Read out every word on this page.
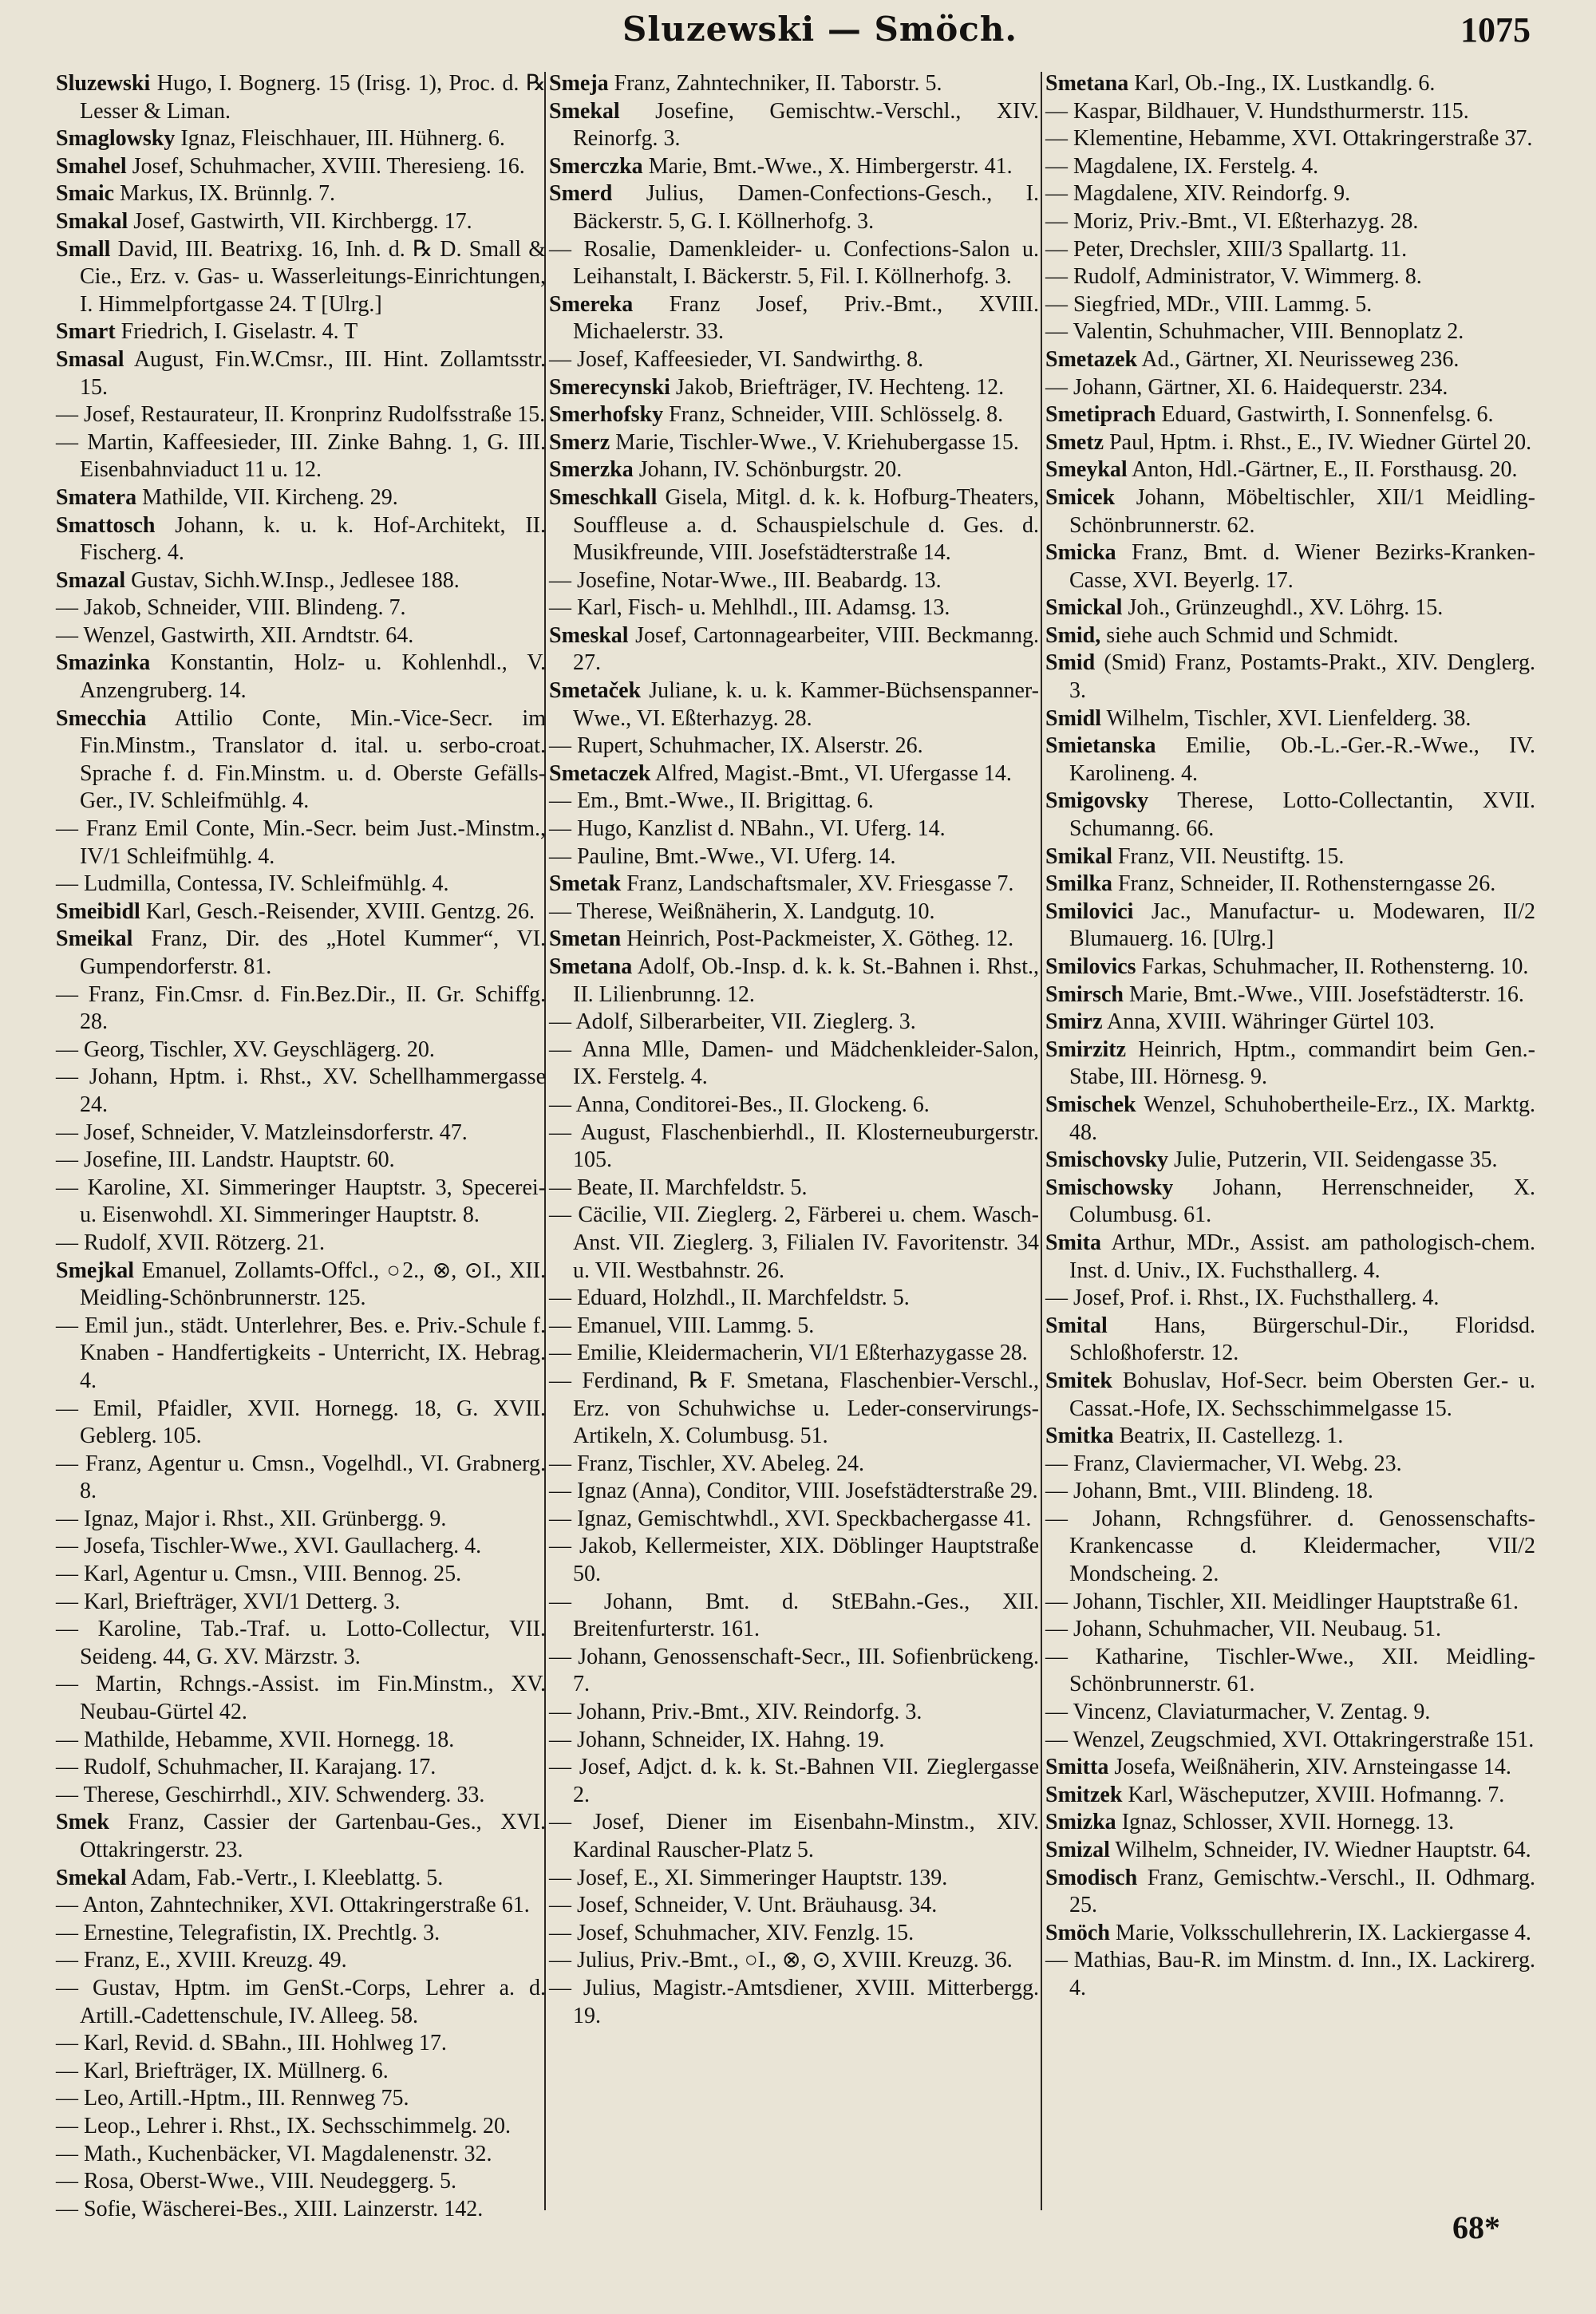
Sluzewski — Smöch.	1075
Sluzewski Hugo, I. Bognerg. 15 (Irisg. 1), Proc. d. ℞ Lesser & Liman.
Smaglowsky Ignaz, Fleischhauer, III. Hühnerg. 6.
Smahel Josef, Schuhmacher, XVIII. Theresieng. 16.
Smaic Markus, IX. Brünnlg. 7.
Smakal Josef, Gastwirth, VII. Kirchbergg. 17.
Small David, III. Beatrixg. 16, Inh. d. ℞ D. Small & Cie., Erz. v. Gas- u. Wasserleitungs-Einrichtungen, I. Himmelpfortgasse 24. T [Ulrg.]
Smart Friedrich, I. Giselastr. 4. T
Smasal August, Fin.W.Cmsr., III. Hint. Zollamtsstr. 15.
— Josef, Restaurateur, II. Kronprinz Rudolfsstraße 15.
— Martin, Kaffeesieder, III. Zinke Bahng. 1, G. III. Eisenbahnviaduct 11 u. 12.
Smatera Mathilde, VII. Kircheng. 29.
Smattosch Johann, k. u. k. Hof-Architekt, II. Fischerg. 4.
Smazal Gustav, Sichh.W.Insp., Jedlesee 188.
— Jakob, Schneider, VIII. Blindeng. 7.
— Wenzel, Gastwirth, XII. Arndtstr. 64.
Smazinka Konstantin, Holz- u. Kohlenhdl., V. Anzengruberg. 14.
Smecchia Attilio Conte, Min.-Vice-Secr. im Fin.Minstm., Translator d. ital. u. serbo-croat. Sprache f. d. Fin.Minstm. u. d. Oberste Gefälls-Ger., IV. Schleifmühlg. 4.
— Franz Emil Conte, Min.-Secr. beim Just.-Minstm., IV/1 Schleifmühlg. 4.
— Ludmilla, Contessa, IV. Schleifmühlg. 4.
Smeibidl Karl, Gesch.-Reisender, XVIII. Gentzg. 26.
Smeikal Franz, Dir. des „Hotel Kummer“, VI. Gumpendorferstr. 81.
— Franz, Fin.Cmsr. d. Fin.Bez.Dir., II. Gr. Schiffg. 28.
— Georg, Tischler, XV. Geyschlägerg. 20.
— Johann, Hptm. i. Rhst., XV. Schellhammergasse 24.
— Josef, Schneider, V. Matzleinsdorferstr. 47.
— Josefine, III. Landstr. Hauptstr. 60.
— Karoline, XI. Simmeringer Hauptstr. 3, Specerei- u. Eisenwohdl. XI. Simmeringer Hauptstr. 8.
— Rudolf, XVII. Rötzerg. 21.
Smejkal Emanuel, Zollamts-Offcl., ○2., ⊗, ⊙I., XII. Meidling-Schönbrunnerstr. 125.
— Emil jun., städt. Unterlehrer, Bes. e. Priv.-Schule f. Knaben - Handfertigkeits - Unterricht, IX. Hebrag. 4.
— Emil, Pfaidler, XVII. Hornegg. 18, G. XVII. Geblerg. 105.
— Franz, Agentur u. Cmsn., Vogelhdl., VI. Grabnerg. 8.
— Ignaz, Major i. Rhst., XII. Grünbergg. 9.
— Josefa, Tischler-Wwe., XVI. Gaullacherg. 4.
— Karl, Agentur u. Cmsn., VIII. Bennog. 25.
— Karl, Briefträger, XVI/1 Detterg. 3.
— Karoline, Tab.-Traf. u. Lotto-Collectur, VII. Seideng. 44, G. XV. Märzstr. 3.
— Martin, Rchngs.-Assist. im Fin.Minstm., XV. Neubau-Gürtel 42.
— Mathilde, Hebamme, XVII. Hornegg. 18.
— Rudolf, Schuhmacher, II. Karajang. 17.
— Therese, Geschirrhdl., XIV. Schwenderg. 33.
Smek Franz, Cassier der Gartenbau-Ges., XVI. Ottakringerstr. 23.
Smekal Adam, Fab.-Vertr., I. Kleeblattg. 5.
— Anton, Zahntechniker, XVI. Ottakringerstraße 61.
— Ernestine, Telegrafistin, IX. Prechtlg. 3.
— Franz, E., XVIII. Kreuzg. 49.
— Gustav, Hptm. im GenSt.-Corps, Lehrer a. d. Artill.-Cadettenschule, IV. Alleeg. 58.
— Karl, Revid. d. SBahn., III. Hohlweg 17.
— Karl, Briefträger, IX. Müllnerg. 6.
— Leo, Artill.-Hptm., III. Rennweg 75.
— Leop., Lehrer i. Rhst., IX. Sechsschimmelg. 20.
— Math., Kuchenbäcker, VI. Magdalenenstr. 32.
— Rosa, Oberst-Wwe., VIII. Neudeggerg. 5.
— Sofie, Wäscherei-Bes., XIII. Lainzerstr. 142.
Smeja Franz, Zahntechniker, II. Taborstr. 5.
Smekal Josefine, Gemischtw.-Verschl., XIV. Reinorfg. 3.
Smerczka Marie, Bmt.-Wwe., X. Himbergerstr. 41.
Smerd Julius, Damen-Confections-Gesch., I. Bäckerstr. 5, G. I. Köllnerhofg. 3.
— Rosalie, Damenkleider- u. Confections-Salon u. Leihanstalt, I. Bäckerstr. 5, Fil. I. Köllnerhofg. 3.
Smereka Franz Josef, Priv.-Bmt., XVIII. Michaelerstr. 33.
— Josef, Kaffeesieder, VI. Sandwirthg. 8.
Smerecynski Jakob, Briefträger, IV. Hechteng. 12.
Smerhofsky Franz, Schneider, VIII. Schlösselg. 8.
Smerz Marie, Tischler-Wwe., V. Kriehubergasse 15.
Smerzka Johann, IV. Schönburgstr. 20.
Smeschkall Gisela, Mitgl. d. k. k. Hofburg-Theaters, Souffleuse a. d. Schauspielschule d. Ges. d. Musikfreunde, VIII. Josefstädterstraße 14.
— Josefine, Notar-Wwe., III. Beabardg. 13.
— Karl, Fisch- u. Mehlhdl., III. Adamsg. 13.
Smeskal Josef, Cartonnagearbeiter, VIII. Beckmanng. 27.
Smetaček Juliane, k. u. k. Kammer-Büchsenspanner-Wwe., VI. Eßterhazyg. 28.
— Rupert, Schuhmacher, IX. Alserstr. 26.
Smetaczek Alfred, Magist.-Bmt., VI. Ufergasse 14.
— Em., Bmt.-Wwe., II. Brigittag. 6.
— Hugo, Kanzlist d. NBahn., VI. Uferg. 14.
— Pauline, Bmt.-Wwe., VI. Uferg. 14.
Smetak Franz, Landschaftsmaler, XV. Friesgasse 7.
— Therese, Weißnäherin, X. Landgutg. 10.
Smetan Heinrich, Post-Packmeister, X. Götheg. 12.
Smetana Adolf, Ob.-Insp. d. k. k. St.-Bahnen i. Rhst., II. Lilienbrunng. 12.
— Adolf, Silberarbeiter, VII. Zieglerg. 3.
— Anna Mlle, Damen- und Mädchenkleider-Salon, IX. Ferstelg. 4.
— Anna, Conditorei-Bes., II. Glockeng. 6.
— August, Flaschenbierhdl., II. Klosterneuburgerstr. 105.
— Beate, II. Marchfeldstr. 5.
— Cäcilie, VII. Zieglerg. 2, Färberei u. chem. Wasch-Anst. VII. Zieglerg. 3, Filialen IV. Favoritenstr. 34 u. VII. Westbahnstr. 26.
— Eduard, Holzhdl., II. Marchfeldstr. 5.
— Emanuel, VIII. Lammg. 5.
— Emilie, Kleidermacherin, VI/1 Eßterhazygasse 28.
— Ferdinand, ℞ F. Smetana, Flaschenbier-Verschl., Erz. von Schuhwichse u. Leder-conservirungs-Artikeln, X. Columbusg. 51.
— Franz, Tischler, XV. Abeleg. 24.
— Ignaz (Anna), Conditor, VIII. Josefstädterstraße 29.
— Ignaz, Gemischtwhdl., XVI. Speckbachergasse 41.
— Jakob, Kellermeister, XIX. Döblinger Hauptstraße 50.
— Johann, Bmt. d. StEBahn.-Ges., XII. Breitenfurterstr. 161.
— Johann, Genossenschaft-Secr., III. Sofienbrückeng. 7.
— Johann, Priv.-Bmt., XIV. Reindorfg. 3.
— Johann, Schneider, IX. Hahng. 19.
— Josef, Adjct. d. k. k. St.-Bahnen VII. Zieglergasse 2.
— Josef, Diener im Eisenbahn-Minstm., XIV. Kardinal Rauscher-Platz 5.
— Josef, E., XI. Simmeringer Hauptstr. 139.
— Josef, Schneider, V. Unt. Bräuhausg. 34.
— Josef, Schuhmacher, XIV. Fenzlg. 15.
— Julius, Priv.-Bmt., ○I., ⊗, ⊙, XVIII. Kreuzg. 36.
— Julius, Magistr.-Amtsdiener, XVIII. Mitterbergg. 19.
Smetana Karl, Ob.-Ing., IX. Lustkandlg. 6.
— Kaspar, Bildhauer, V. Hundsthurmerstr. 115.
— Klementine, Hebamme, XVI. Ottakringerstraße 37.
— Magdalene, IX. Ferstelg. 4.
— Magdalene, XIV. Reindorfg. 9.
— Moriz, Priv.-Bmt., VI. Eßterhazyg. 28.
— Peter, Drechsler, XIII/3 Spallartg. 11.
— Rudolf, Administrator, V. Wimmerg. 8.
— Siegfried, MDr., VIII. Lammg. 5.
— Valentin, Schuhmacher, VIII. Bennoplatz 2.
Smetazek Ad., Gärtner, XI. Neurisseweg 236.
— Johann, Gärtner, XI. 6. Haidequerstr. 234.
Smetiprach Eduard, Gastwirth, I. Sonnenfelsg. 6.
Smetz Paul, Hptm. i. Rhst., E., IV. Wiedner Gürtel 20.
Smeykal Anton, Hdl.-Gärtner, E., II. Forsthausg. 20.
Smicek Johann, Möbeltischler, XII/1 Meidling-Schönbrunnerstr. 62.
Smicka Franz, Bmt. d. Wiener Bezirks-Kranken-Casse, XVI. Beyerlg. 17.
Smickal Joh., Grünzeughdl., XV. Löhrg. 15.
Smid, siehe auch Schmid und Schmidt.
Smid (Smid) Franz, Postamts-Prakt., XIV. Denglerg. 3.
Smidl Wilhelm, Tischler, XVI. Lienfelderg. 38.
Smietanska Emilie, Ob.-L.-Ger.-R.-Wwe., IV. Karolineng. 4.
Smigovsky Therese, Lotto-Collectantin, XVII. Schumanng. 66.
Smikal Franz, VII. Neustiftg. 15.
Smilka Franz, Schneider, II. Rothensterngasse 26.
Smilovici Jac., Manufactur- u. Modewaren, II/2 Blumauerg. 16. [Ulrg.]
Smilovics Farkas, Schuhmacher, II. Rothensterng. 10.
Smirsch Marie, Bmt.-Wwe., VIII. Josefstädterstr. 16.
Smirz Anna, XVIII. Währinger Gürtel 103.
Smirzitz Heinrich, Hptm., commandirt beim Gen.-Stabe, III. Hörnesg. 9.
Smischek Wenzel, Schuhobertheile-Erz., IX. Marktg. 48.
Smischovsky Julie, Putzerin, VII. Seidengasse 35.
Smischowsky Johann, Herrenschneider, X. Columbusg. 61.
Smita Arthur, MDr., Assist. am pathologisch-chem. Inst. d. Univ., IX. Fuchsthallerg. 4.
— Josef, Prof. i. Rhst., IX. Fuchsthallerg. 4.
Smital Hans, Bürgerschul-Dir., Floridsd. Schloßhoferstr. 12.
Smitek Bohuslav, Hof-Secr. beim Obersten Ger.- u. Cassat.-Hofe, IX. Sechsschimmelgasse 15.
Smitka Beatrix, II. Castellezg. 1.
— Franz, Claviermacher, VI. Webg. 23.
— Johann, Bmt., VIII. Blindeng. 18.
— Johann, Rchngsführer. d. Genossenschafts-Krankencasse d. Kleidermacher, VII/2 Mondscheing. 2.
— Johann, Tischler, XII. Meidlinger Hauptstraße 61.
— Johann, Schuhmacher, VII. Neubaug. 51.
— Katharine, Tischler-Wwe., XII. Meidling-Schönbrunnerstr. 61.
— Vincenz, Claviaturmacher, V. Zentag. 9.
— Wenzel, Zeugschmied, XVI. Ottakringerstraße 151.
Smitta Josefa, Weißnäherin, XIV. Arnsteingasse 14.
Smitzek Karl, Wäscheputzer, XVIII. Hofmanng. 7.
Smizka Ignaz, Schlosser, XVII. Hornegg. 13.
Smizal Wilhelm, Schneider, IV. Wiedner Hauptstr. 64.
Smodisch Franz, Gemischtw.-Verschl., II. Odhmarg. 25.
Smöch Marie, Volksschullehrerin, IX. Lackiergasse 4.
— Mathias, Bau-R. im Minstm. d. Inn., IX. Lackirerg. 4.
68*
